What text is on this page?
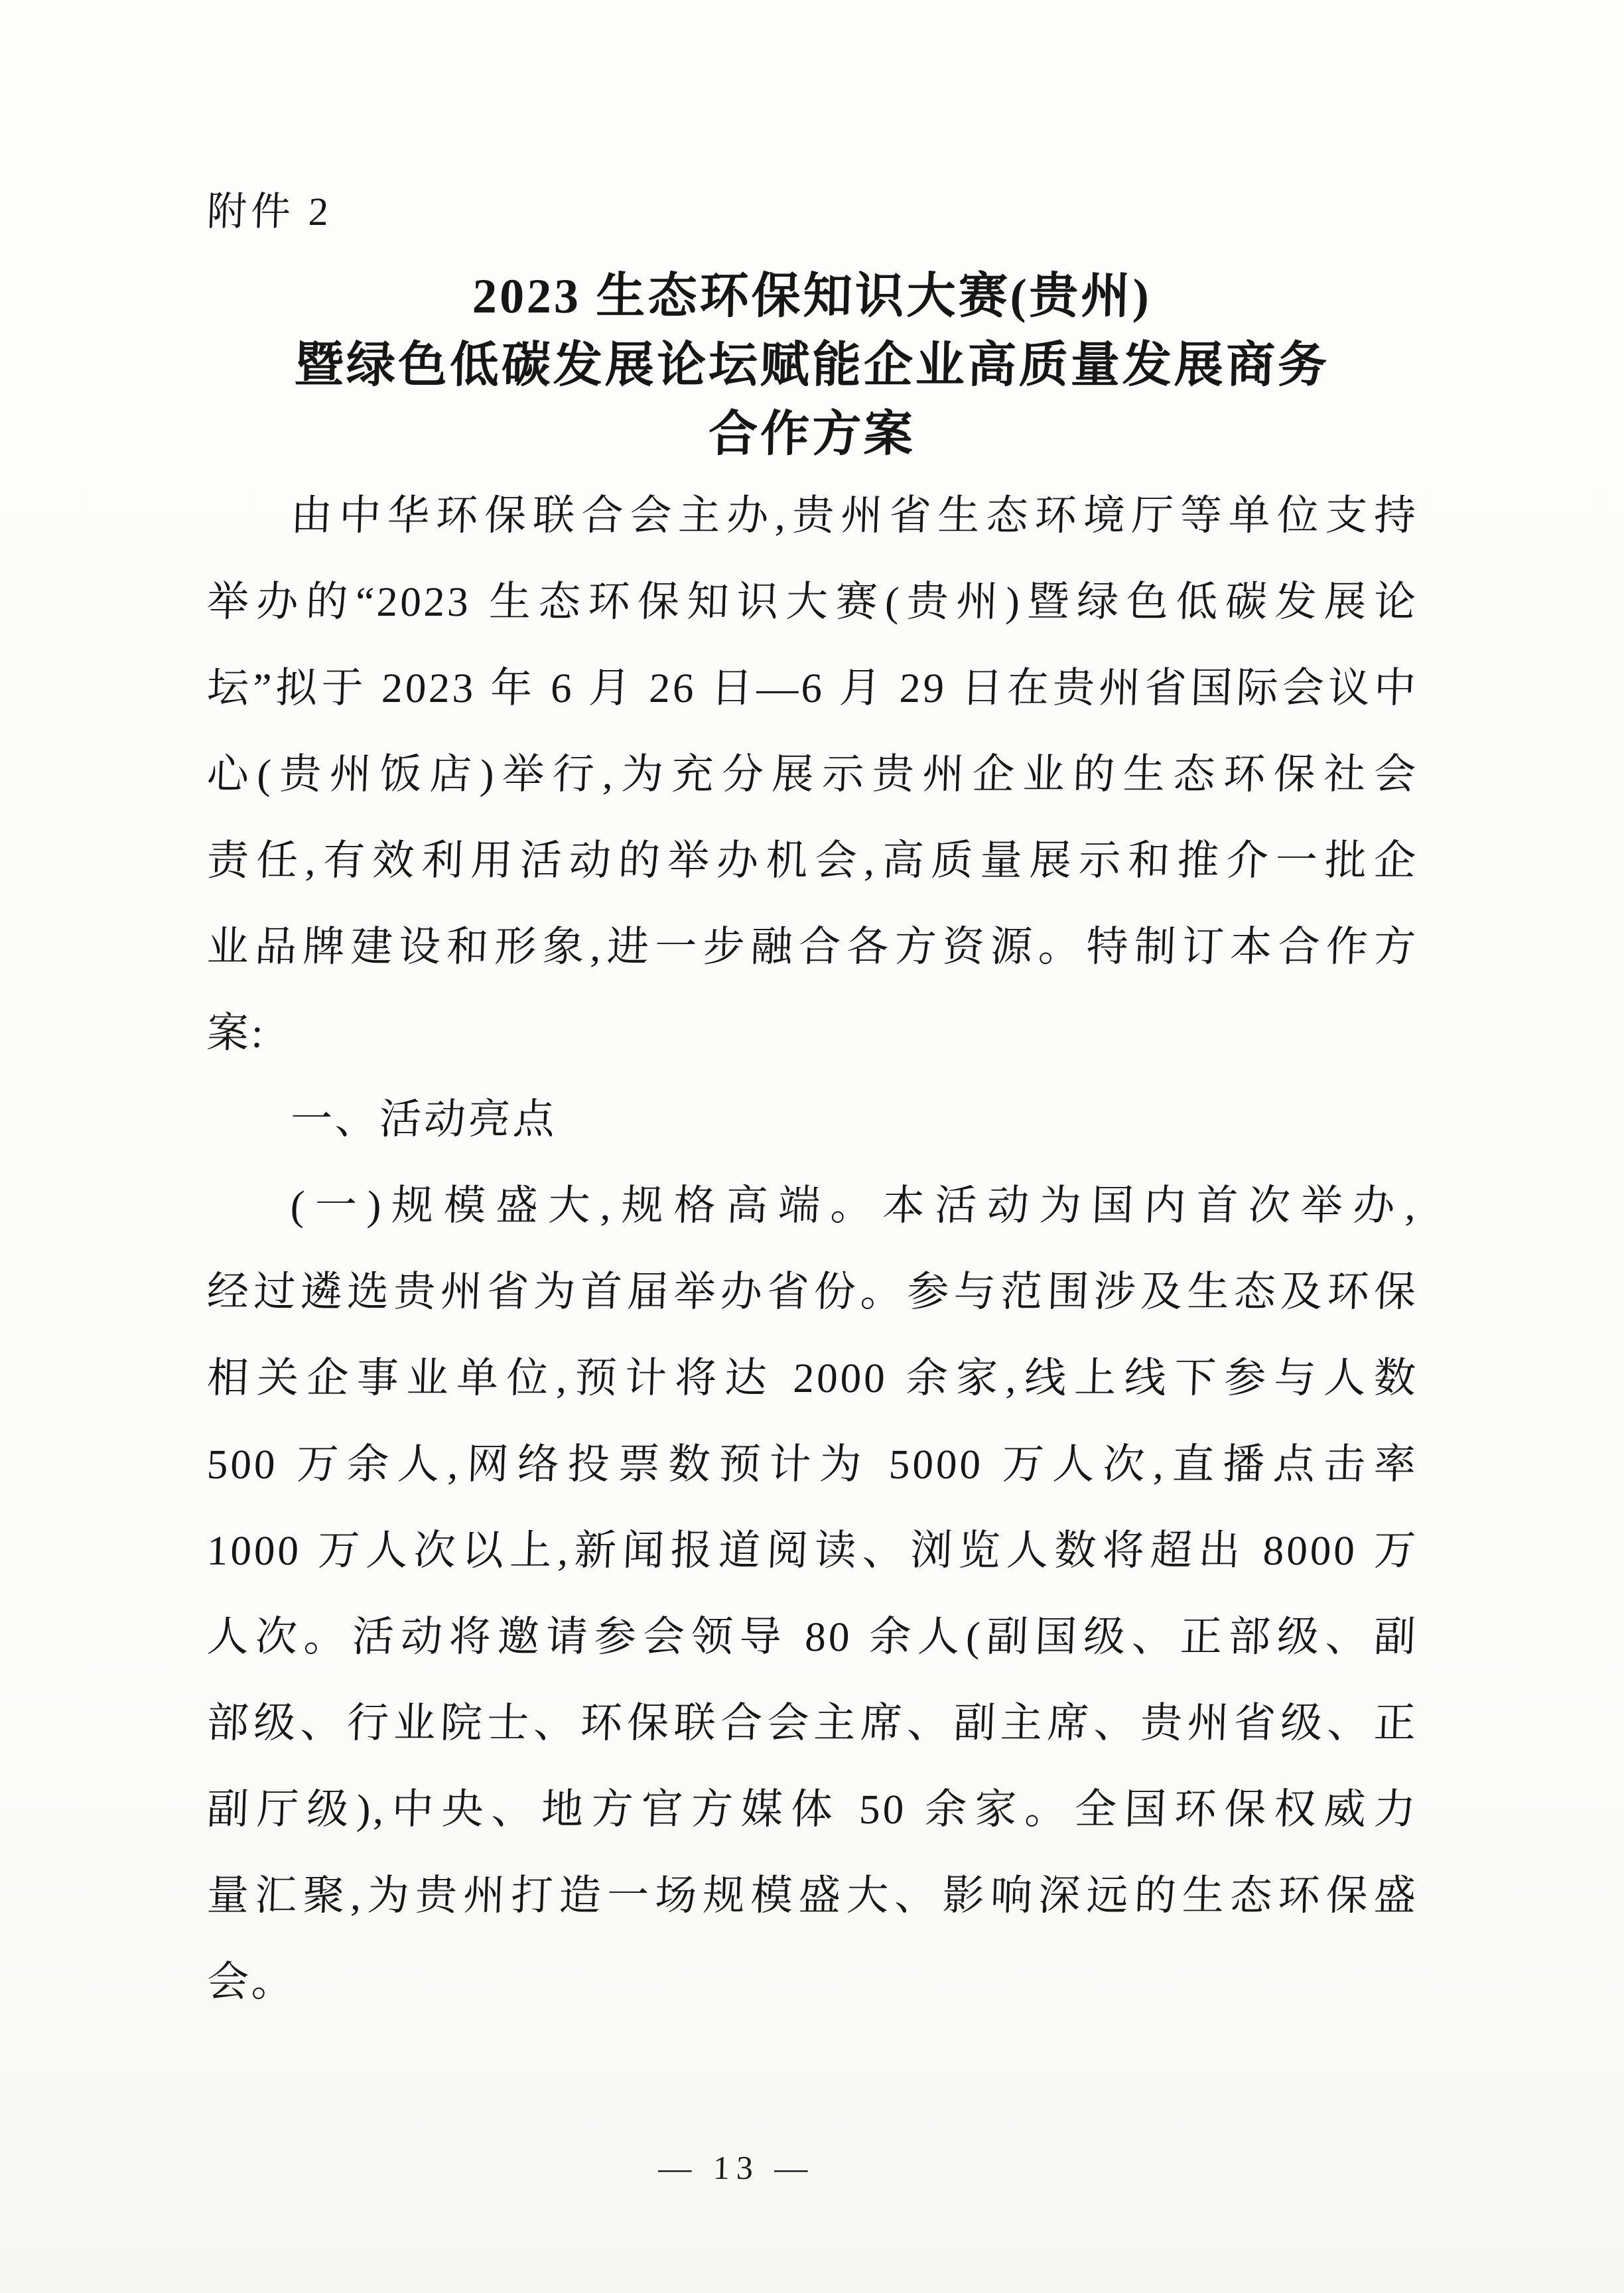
附件 2
2023 生态环保知识大赛(贵州)
暨绿色低碳发展论坛赋能企业高质量发展商务
合作方案
由中华环保联合会主办,贵州省生态环境厅等单位支持
举办的“2023 生态环保知识大赛(贵州)暨绿色低碳发展论
坛”拟于 2023 年 6 月 26 日—6 月 29 日在贵州省国际会议中
心(贵州饭店)举行,为充分展示贵州企业的生态环保社会
责任,有效利用活动的举办机会,高质量展示和推介一批企
业品牌建设和形象,进一步融合各方资源。特制订本合作方
案:
一、活动亮点
(一)规模盛大,规格高端。本活动为国内首次举办,
经过遴选贵州省为首届举办省份。参与范围涉及生态及环保
相关企事业单位,预计将达 2000 余家,线上线下参与人数
500 万余人,网络投票数预计为 5000 万人次,直播点击率
1000 万人次以上,新闻报道阅读、浏览人数将超出 8000 万
人次。活动将邀请参会领导 80 余人(副国级、正部级、副
部级、行业院士、环保联合会主席、副主席、贵州省级、正
副厅级),中央、地方官方媒体 50 余家。全国环保权威力
量汇聚,为贵州打造一场规模盛大、影响深远的生态环保盛
会。
— 13 —
